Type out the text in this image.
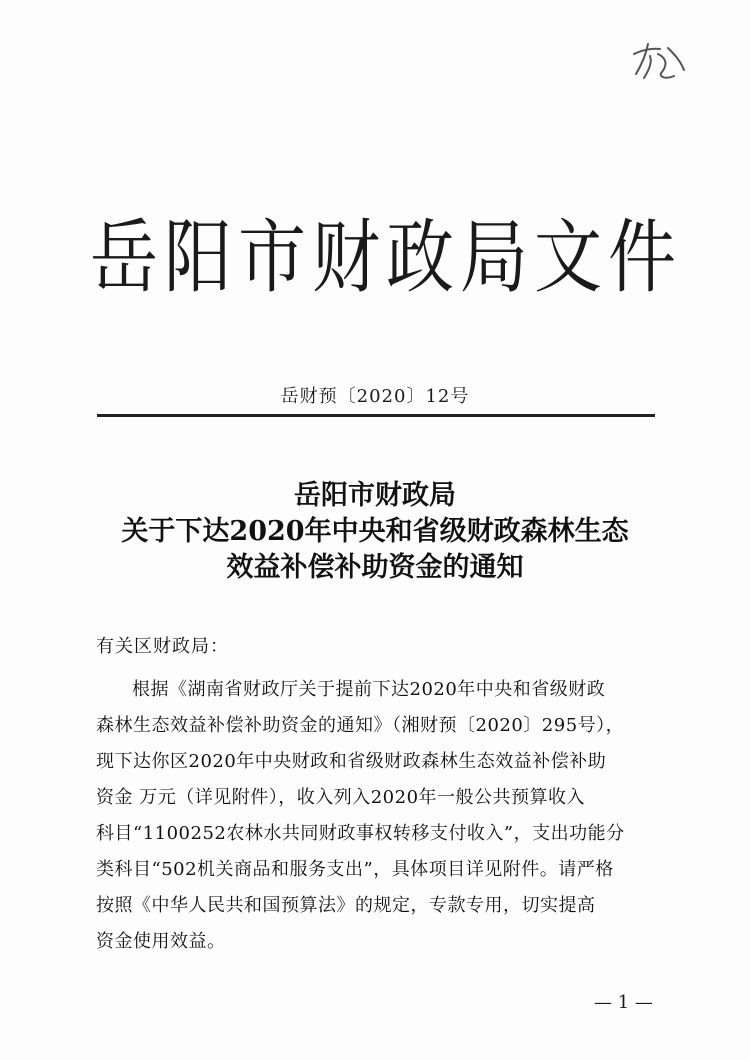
岳阳市财政局文件
岳财预〔2020〕12号
岳阳市财政局
关于下达2020年中央和省级财政森林生态
效益补偿补助资金的通知
有关区财政局：
根据《湖南省财政厅关于提前下达2020年中央和省级财政
森林生态效益补偿补助资金的通知》（湘财预〔2020〕295号），
现下达你区2020年中央财政和省级财政森林生态效益补偿补助
资金 万元（详见附件），收入列入2020年一般公共预算收入
科目“1100252农林水共同财政事权转移支付收入”，支出功能分
类科目“502机关商品和服务支出”，具体项目详见附件。请严格
按照《中华人民共和国预算法》的规定，专款专用，切实提高
资金使用效益。
— 1 —
